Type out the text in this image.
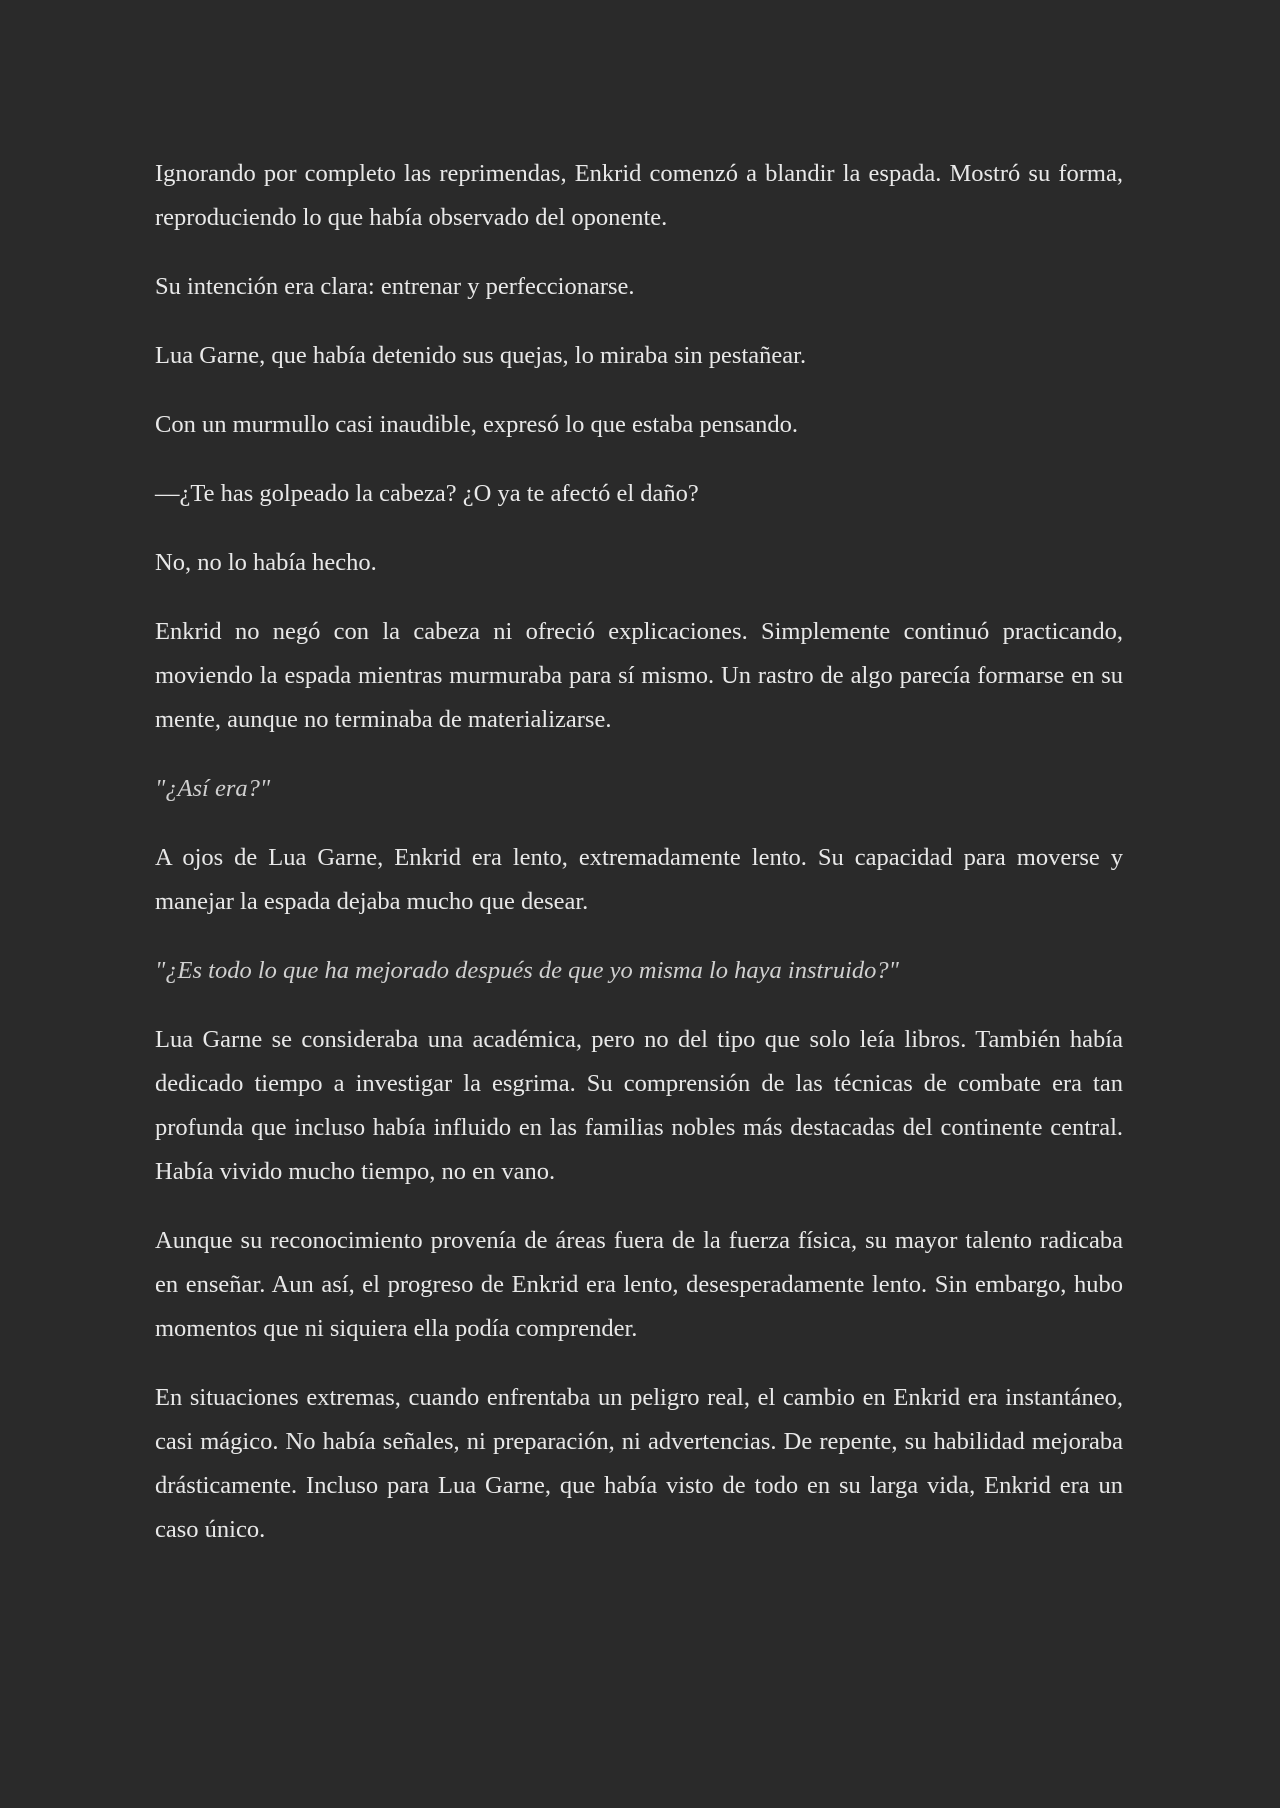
Ignorando por completo las reprimendas, Enkrid comenzó a blandir la espada. Mostró su forma, reproduciendo lo que había observado del oponente.

Su intención era clara: entrenar y perfeccionarse.

Lua Garne, que había detenido sus quejas, lo miraba sin pestañear.

Con un murmullo casi inaudible, expresó lo que estaba pensando.

—¿Te has golpeado la cabeza? ¿O ya te afectó el daño?

No, no lo había hecho.

Enkrid no negó con la cabeza ni ofreció explicaciones. Simplemente continuó practicando, moviendo la espada mientras murmuraba para sí mismo. Un rastro de algo parecía formarse en su mente, aunque no terminaba de materializarse.

"¿Así era?"

A ojos de Lua Garne, Enkrid era lento, extremadamente lento. Su capacidad para moverse y manejar la espada dejaba mucho que desear.

"¿Es todo lo que ha mejorado después de que yo misma lo haya instruido?"

Lua Garne se consideraba una académica, pero no del tipo que solo leía libros. También había dedicado tiempo a investigar la esgrima. Su comprensión de las técnicas de combate era tan profunda que incluso había influido en las familias nobles más destacadas del continente central. Había vivido mucho tiempo, no en vano.

Aunque su reconocimiento provenía de áreas fuera de la fuerza física, su mayor talento radicaba en enseñar. Aun así, el progreso de Enkrid era lento, desesperadamente lento. Sin embargo, hubo momentos que ni siquiera ella podía comprender.

En situaciones extremas, cuando enfrentaba un peligro real, el cambio en Enkrid era instantáneo, casi mágico. No había señales, ni preparación, ni advertencias. De repente, su habilidad mejoraba drásticamente. Incluso para Lua Garne, que había visto de todo en su larga vida, Enkrid era un caso único.
